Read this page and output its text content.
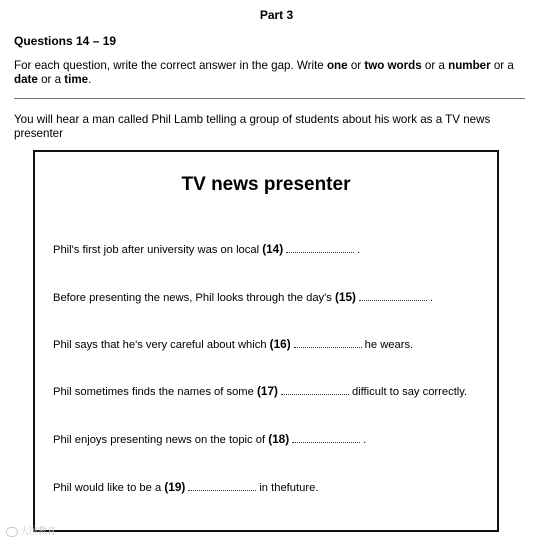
Part 3
Questions 14 – 19
For each question, write the correct answer in the gap. Write one or two words or a number or a date or a time.
You will hear a man called Phil Lamb telling a group of students about his work as a TV news presenter
TV news presenter
Phil's first job after university was on local (14)	.
Before presenting the news, Phil looks through the day's (15)	.
Phil says that he's very careful about which (16)	he wears.
Phil sometimes finds the names of some (17)	difficult to say correctly.
Phil enjoys presenting news on the topic of (18)	.
Phil would like to be a (19)	in thefuture.
大国教育
